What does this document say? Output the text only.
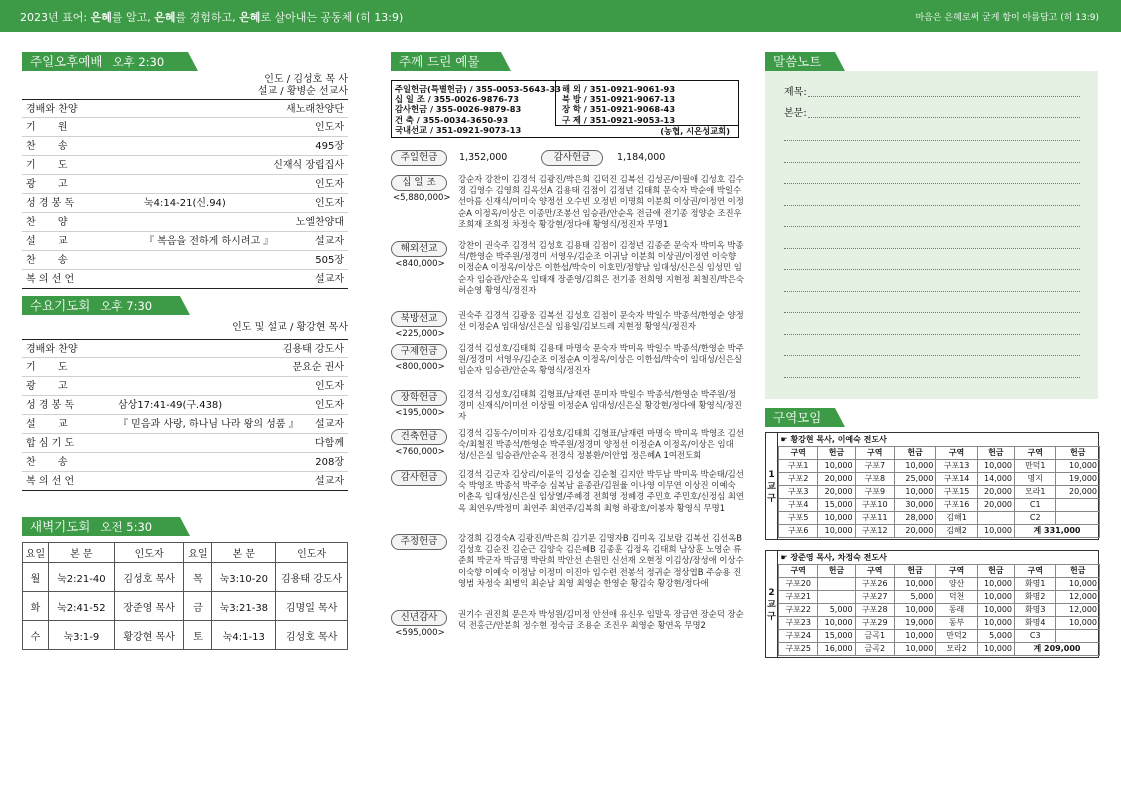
2023년 표어: 은혜를 알고, 은혜를 경험하고, 은혜로 살아내는 공동체 (히 13:9)	마음은 은혜로써 굳게 함이 아름답고 (히 13:9)
주일오후예배 오후 2:30
인도 / 김성호 목 사
설교 / 황병순 선교사
경배와 찬양	새노래찬양단
기       원	인도자
찬       송	495장
기       도	신재식 장립집사
광       고	인도자
성 경 봉 독	눅4:14-21(신.94)	인도자
찬       양	노엘찬양대
설       교	『 복음을 전하게 하시려고 』	설교자
찬       송	505장
복 의 선 언	설교자
수요기도회 오후 7:30
인도 및 설교 / 황강현 목사
경배와 찬양	김용태 강도사
기       도	문요순 권사
광       고	인도자
성 경 봉 독	삼상17:41-49(구.438)	인도자
설       교	『 믿음과 사랑, 하나님 나라 왕의 성품 』 설교자
합 심 기 도	다함께
찬       송	208장
복 의 선 언	설교자
새벽기도회 오전 5:30
요일	본 문	인도자	요일	본 문	인도자
월	눅2:21-40	김성호 목사	목	눅3:10-20	김용태 강도사
화	눅2:41-52	장준영 목사	금	눅3:21-38	김명일 목사
수	눅3:1-9	황강현 목사	토	눅4:1-13	김성호 목사
주께 드린 예물
주일헌금(특별헌금) / 355-0053-5643-33
십 일 조 / 355-0026-9876-73
감사헌금 / 355-0026-9879-83
건 축 / 355-0034-3650-93
국내선교 / 351-0921-9073-13
해 외 / 351-0921-9061-93
북 방 / 351-0921-9067-13
장 학 / 351-0921-9068-43
구 제 / 351-0921-9053-13
(농협, 시온성교회)
주일헌금	1,352,000	감사헌금	1,184,000
십 일 조
<5,880,000>
강순자 강찬이 김경석 김광진/박은희 김덕진 김복선 김성곤/이필애 김성호 김수경 김영수 김영희 김옥선A 김용태 김점이 김정년 김태희 문숙자 박순애 박일수 선아름 신재식/이미숙 양정선 오수빈 오정빈 이명희 이분희 이상권/이정연 이정순A 이정옥/이상은 이종만/조봉선 임승관/안순옥 전금애 전기종 정양순 조진우 조희재 조희정 차정숙 황강현/정다애 황영식/정진자 무명1
해외선교
<840,000>
강찬이 권숙주 김경석 김성호 김용태 김점이 김정년 김종준 문숙자 박미옥 박종석/한영순 박주원/정경미 서영우/김순조 이귀남 이분희 이상권/이정연 이숙향 이정순A 이정옥/이상은 이한섭/박숙이 이호민/정향남 임대성/신은실 임성민 임순자 임승관/안순옥 임태재 장준영/김희은 전기종 전희영 지현정 최철진/박은숙 허순영 황영식/정진자
북방선교
<225,000>
권숙주 김경석 김광웅 김복선 김성호 김점이 문숙자 박일수 박종석/한영순 양정선 이정순A 임대성/신은실 임용일/김보드레 지현정 황영식/정진자
구제헌금
<800,000>
김경석 김성호/김태희 김용태 마명숙 문숙자 박미옥 박일수 박종석/한영순 박주원/정경미 서영우/김순조 이정순A 이정옥/이상은 이한섭/박숙이 임대성/신은실 임순자 임승관/안순옥 황영식/정진자
장학헌금
<195,000>
김경석 김성호/김태희 김형표/남재련 문미자 박일수 박종석/한영순 박주원/정경미 신재식/이미선 이상필 이정순A 임대성/신은실 황강현/정다애 황영식/정진자
건축헌금
<760,000>
김경석 김동수/이미자 김성호/김태희 김형표/남재련 마명숙 박미옥 박영조 김선숙/최철진 박종석/한영순 박주원/정경미 양정선 이정순A 이정옥/이상은 임대성/신은실 임승관/안순옥 전경식 정봉환/이안엽 정은혜A 1여전도회
감사헌금	김경석 김군자 김상리/이윤익 김성술 김순철 김지안 박두남 박미옥 박순태/김선숙 박영조 박종석 박주승 심복남 윤종관/김원율 이나영 이무연 이상진 이예숙 이춘옥 임대성/신은실 임상열/주혜경 전희영 정혜경 주민호 주민호/신정심 최연옥 최연우/박정미 최연주 최연주/김복희 최형 하광호/이봉자 황영식 무명1
주정헌금	강경희 김경숙A 김광진/박은희 김기문 김명자B 김미옥 김보람 김복선 김선옥B 김성호 김순진 김순근 김양숙 김은혜B 김종훈 김정옥 김태희 남상훈 노영순 류준희 박군자 박금명 박란희 박안선 손원민 신선재 오현정 이김상/장성애 이상수 이숙향 이예숙 이정남 이정미 이진아 임수련 전봉석 정귀순 정상엽B 주승용 진영범 차정숙 최병익 최순남 최영 최영순 한영순 황김숙 황강현/정다애
신년감사
<595,000>
권기수 권진희 문은자 박성원/김미정 안선애 유신우 임말옥 장금연 장순덕 장순덕 전홍근/안분희 정수현 정숙금 조용순 조진우 최영순 황연옥 무명2
말씀노트
제목:
본문:
구역모임
1
교
구
☛ 황강현 목사, 이예숙 전도사							
구역	헌금	구역	헌금	구역	헌금	구역	헌금
구포1	10,000	구포7	10,000	구포13	10,000	만덕1	10,000
구포2	20,000	구포8	25,000	구포14	14,000	명지	19,000
구포3	20,000	구포9	10,000	구포15	20,000	모라1	20,000
구포4	15,000	구포10	30,000	구포16	20,000	C1	
구포5	10,000	구포11	28,000	김해1		C2	
구포6	10,000	구포12	20,000	김해2	10,000	계 331,000	
2
교
구
☛ 장준영 목사, 차정숙 전도사							
구역	헌금	구역	헌금	구역	헌금	구역	헌금
구포20		구포26	10,000	양산	10,000	화명1	10,000
구포21		구포27	5,000	덕천	10,000	화명2	12,000
구포22	5,000	구포28	10,000	동래	10,000	화명3	12,000
구포23	10,000	구포29	19,000	동부	10,000	화명4	10,000
구포24	15,000	금곡1	10,000	만덕2	5,000	C3	
구포25	16,000	금곡2	10,000	모라2	10,000	계 209,000	
